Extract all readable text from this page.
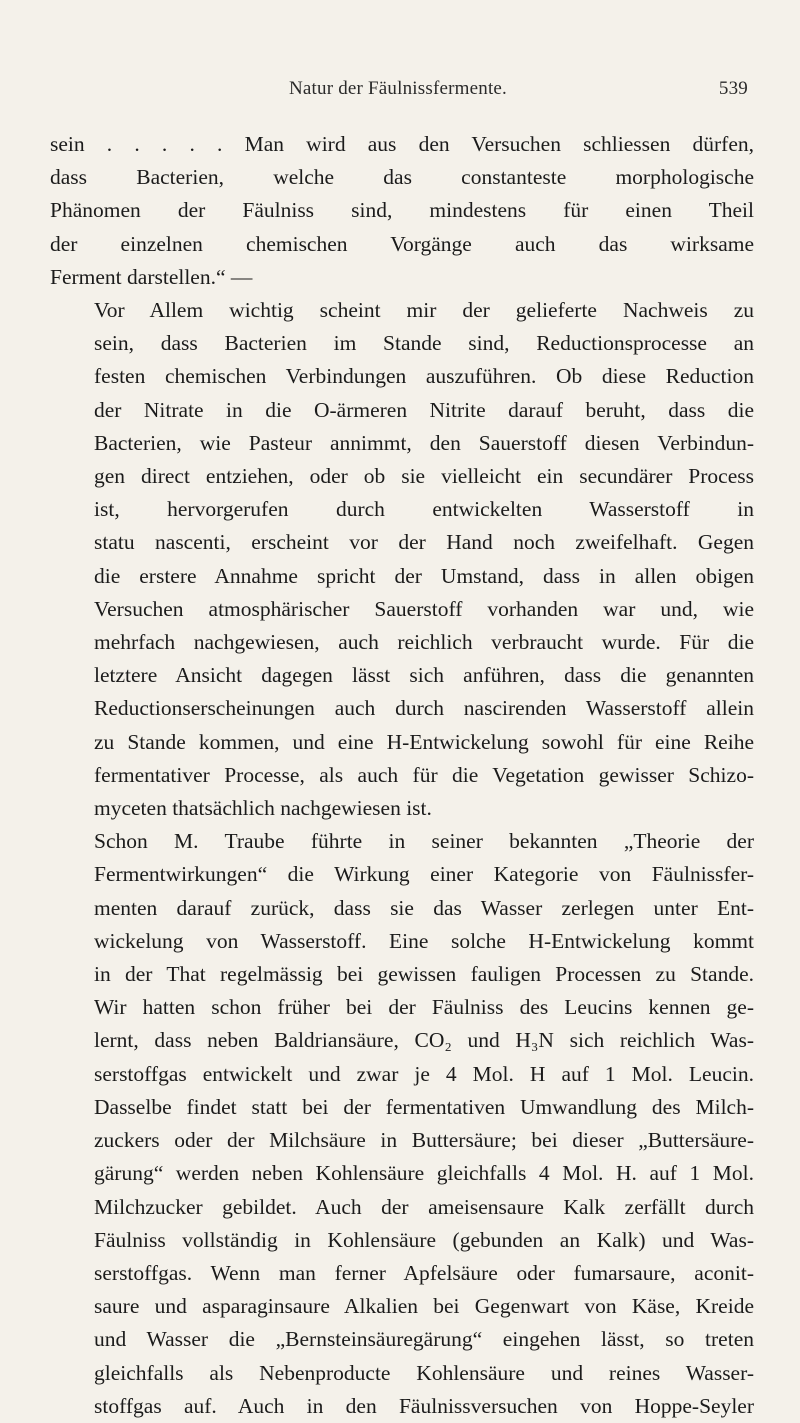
Natur der Fäulnissfermente.	539

sein . . . . . Man wird aus den Versuchen schliessen dürfen,
dass Bacterien, welche das constanteste morphologische
Phänomen der Fäulniss sind, mindestens für einen Theil
der einzelnen chemischen Vorgänge auch das wirksame
Ferment darstellen.“ —

Vor Allem wichtig scheint mir der gelieferte Nachweis zu
sein, dass Bacterien im Stande sind, Reductionsprocesse an
festen chemischen Verbindungen auszuführen. Ob diese Reduction
der Nitrate in die O-ärmeren Nitrite darauf beruht, dass die
Bacterien, wie Pasteur annimmt, den Sauerstoff diesen Verbindun-
gen direct entziehen, oder ob sie vielleicht ein secundärer Process
ist, hervorgerufen durch entwickelten Wasserstoff in
statu nascenti, erscheint vor der Hand noch zweifelhaft. Gegen
die erstere Annahme spricht der Umstand, dass in allen obigen
Versuchen atmosphärischer Sauerstoff vorhanden war und, wie
mehrfach nachgewiesen, auch reichlich verbraucht wurde. Für die
letztere Ansicht dagegen lässt sich anführen, dass die genannten
Reductionserscheinungen auch durch nascirenden Wasserstoff allein
zu Stande kommen, und eine H-Entwickelung sowohl für eine Reihe
fermentativer Processe, als auch für die Vegetation gewisser Schizo-
myceten thatsächlich nachgewiesen ist.

Schon M. Traube führte in seiner bekannten „Theorie der
Fermentwirkungen“ die Wirkung einer Kategorie von Fäulnissfer-
menten darauf zurück, dass sie das Wasser zerlegen unter Ent-
wickelung von Wasserstoff. Eine solche H-Entwickelung kommt
in der That regelmässig bei gewissen fauligen Processen zu Stande.
Wir hatten schon früher bei der Fäulniss des Leucins kennen ge-
lernt, dass neben Baldriansäure, CO₂ und H₃N sich reichlich Was-
serstoffgas entwickelt und zwar je 4 Mol. H auf 1 Mol. Leucin.
Dasselbe findet statt bei der fermentativen Umwandlung des Milch-
zuckers oder der Milchsäure in Buttersäure; bei dieser „Buttersäure-
gärung“ werden neben Kohlensäure gleichfalls 4 Mol. H. auf 1 Mol.
Milchzucker gebildet. Auch der ameisensaure Kalk zerfällt durch
Fäulniss vollständig in Kohlensäure (gebunden an Kalk) und Was-
serstoffgas. Wenn man ferner Apfelsäure oder fumarsaure, aconit-
saure und asparaginsaure Alkalien bei Gegenwart von Käse, Kreide
und Wasser die „Bernsteinsäuregärung“ eingehen lässt, so treten
gleichfalls als Nebenproducte Kohlensäure und reines Wasser-
stoffgas auf. Auch in den Fäulnissversuchen von Hoppe-Seyler
